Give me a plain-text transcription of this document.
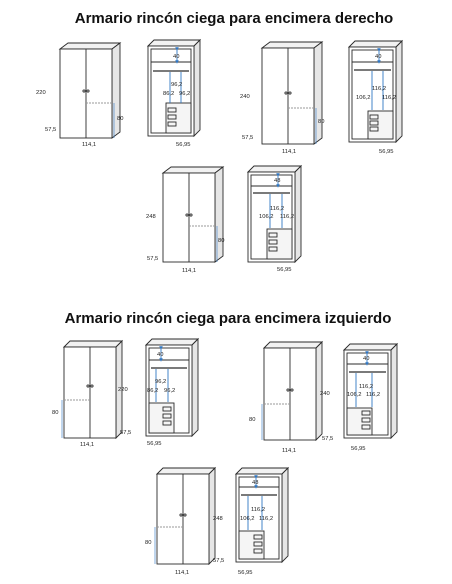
Armario rincón ciega para encimera derecho
Armario rincón ciega para encimera izquierdo
220
57,5
114,1
80
40
96,2
86,2 96,2
56,95
240
57,5
114,1
80
40
116,2
106,2 116,2
56,95
248
57,5
114,1
80
48
116,2
106,2 116,2
56,95
220
57,5
114,1
80
40
96,2
86,2 96,2
56,95
240
57,5
114,1
80
40
116,2
106,2 116,2
56,95
248
57,5
114,1
80
48
116,2
106,2 116,2
56,95
